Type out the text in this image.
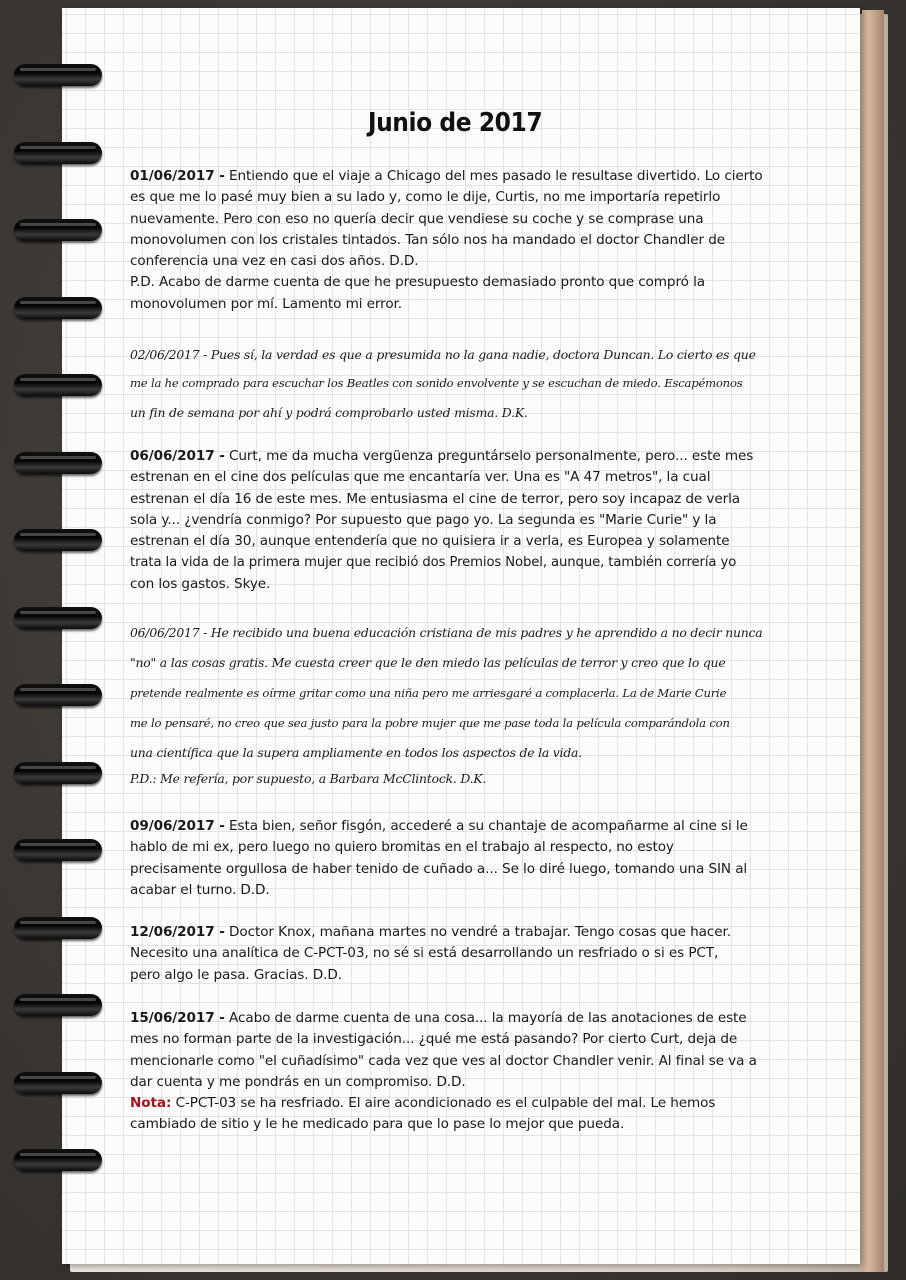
Junio de 2017
01/06/2017 - Entiendo que el viaje a Chicago del mes pasado le resultase divertido. Lo cierto
es que me lo pasé muy bien a su lado y, como le dije, Curtis, no me importaría repetirlo
nuevamente. Pero con eso no quería decir que vendiese su coche y se comprase una
monovolumen con los cristales tintados. Tan sólo nos ha mandado el doctor Chandler de
conferencia una vez en casi dos años. D.D.
P.D. Acabo de darme cuenta de que he presupuesto demasiado pronto que compró la
monovolumen por mí. Lamento mi error.
02/06/2017 - Pues sí, la verdad es que a presumida no la gana nadie, doctora Duncan. Lo cierto es que
me la he comprado para escuchar los Beatles con sonido envolvente y se escuchan de miedo. Escapémonos
un fin de semana por ahí y podrá comprobarlo usted misma. D.K.
06/06/2017 - Curt, me da mucha vergüenza preguntárselo personalmente, pero... este mes
estrenan en el cine dos películas que me encantaría ver. Una es "A 47 metros", la cual
estrenan el día 16 de este mes. Me entusiasma el cine de terror, pero soy incapaz de verla
sola y... ¿vendría conmigo? Por supuesto que pago yo. La segunda es "Marie Curie" y la
estrenan el día 30, aunque entendería que no quisiera ir a verla, es Europea y solamente
trata la vida de la primera mujer que recibió dos Premios Nobel, aunque, también correría yo
con los gastos. Skye.
06/06/2017 - He recibido una buena educación cristiana de mis padres y he aprendido a no decir nunca
"no" a las cosas gratis. Me cuesta creer que le den miedo las películas de terror y creo que lo que
pretende realmente es oírme gritar como una niña pero me arriesgaré a complacerla. La de Marie Curie
me lo pensaré, no creo que sea justo para la pobre mujer que me pase toda la película comparándola con
una científica que la supera ampliamente en todos los aspectos de la vida.
P.D.: Me refería, por supuesto, a Barbara McClintock. D.K.
09/06/2017 - Esta bien, señor fisgón, accederé a su chantaje de acompañarme al cine si le
hablo de mi ex, pero luego no quiero bromitas en el trabajo al respecto, no estoy
precisamente orgullosa de haber tenido de cuñado a... Se lo diré luego, tomando una SIN al
acabar el turno. D.D.
12/06/2017 - Doctor Knox, mañana martes no vendré a trabajar. Tengo cosas que hacer.
Necesito una analítica de C-PCT-03, no sé si está desarrollando un resfriado o si es PCT,
pero algo le pasa. Gracias. D.D.
15/06/2017 - Acabo de darme cuenta de una cosa... la mayoría de las anotaciones de este
mes no forman parte de la investigación... ¿qué me está pasando? Por cierto Curt, deja de
mencionarle como "el cuñadísimo" cada vez que ves al doctor Chandler venir. Al final se va a
dar cuenta y me pondrás en un compromiso. D.D.
Nota: C-PCT-03 se ha resfriado. El aire acondicionado es el culpable del mal. Le hemos
cambiado de sitio y le he medicado para que lo pase lo mejor que pueda.
